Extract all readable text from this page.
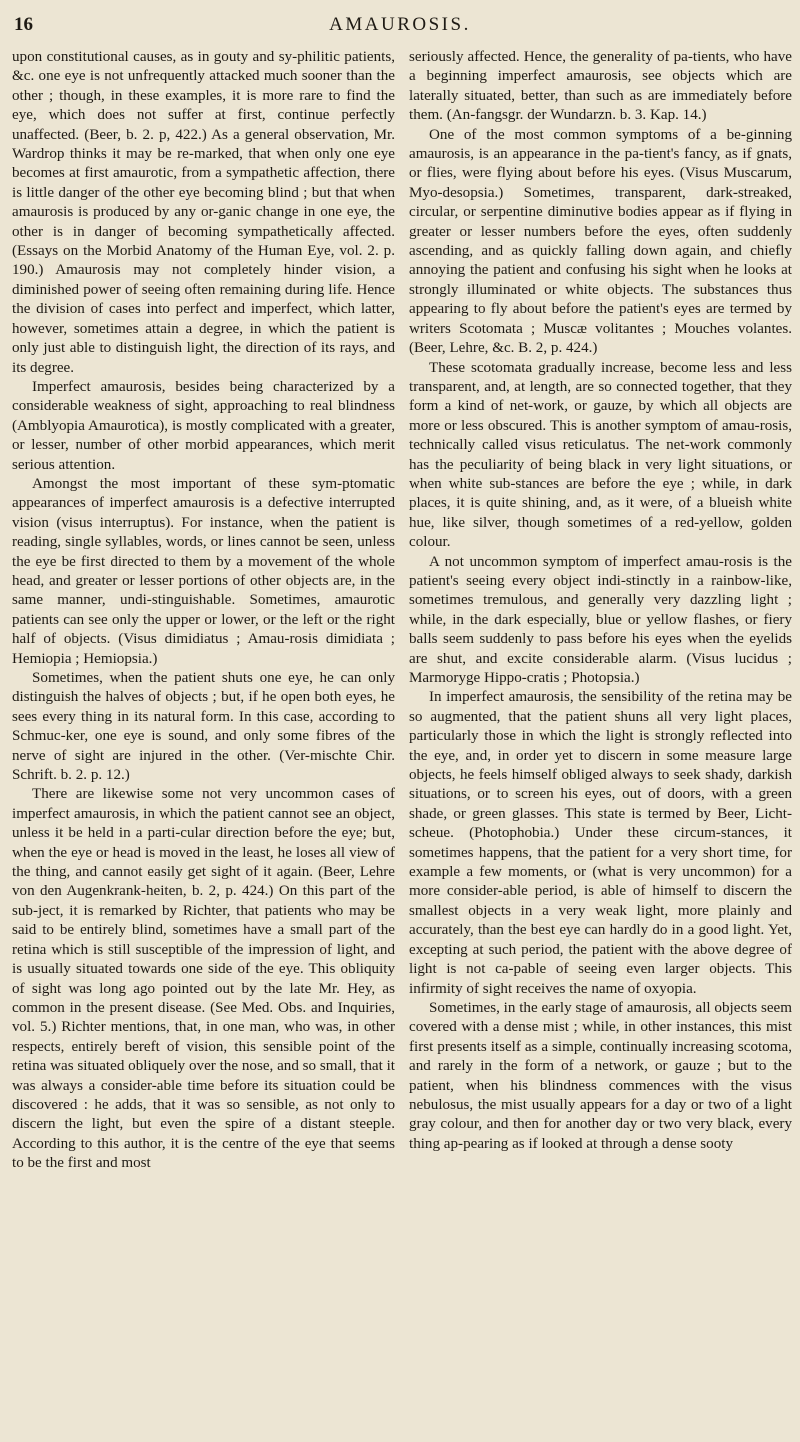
16	AMAUROSIS.

upon constitutional causes, as in gouty and sy-philitic patients, &c. one eye is not unfrequently attacked much sooner than the other ; though, in these examples, it is more rare to find the eye, which does not suffer at first, continue perfectly unaffected. (Beer, b. 2. p, 422.) As a general observation, Mr. Wardrop thinks it may be re-marked, that when only one eye becomes at first amaurotic, from a sympathetic affection, there is little danger of the other eye becoming blind ; but that when amaurosis is produced by any or-ganic change in one eye, the other is in danger of becoming sympathetically affected. (Essays on the Morbid Anatomy of the Human Eye, vol. 2. p. 190.) Amaurosis may not completely hinder vision, a diminished power of seeing often remaining during life. Hence the division of cases into perfect and imperfect, which latter, however, sometimes attain a degree, in which the patient is only just able to distinguish light, the direction of its rays, and its degree.

Imperfect amaurosis, besides being characterized by a considerable weakness of sight, approaching to real blindness (Amblyopia Amaurotica), is mostly complicated with a greater, or lesser, number of other morbid appearances, which merit serious attention.

Amongst the most important of these sym-ptomatic appearances of imperfect amaurosis is a defective interrupted vision (visus interruptus). For instance, when the patient is reading, single syllables, words, or lines cannot be seen, unless the eye be first directed to them by a movement of the whole head, and greater or lesser portions of other objects are, in the same manner, undi-stinguishable. Sometimes, amaurotic patients can see only the upper or lower, or the left or the right half of objects. (Visus dimidiatus ; Amau-rosis dimidiata ; Hemiopia ; Hemiopsia.)

Sometimes, when the patient shuts one eye, he can only distinguish the halves of objects ; but, if he open both eyes, he sees every thing in its natural form. In this case, according to Schmuc-ker, one eye is sound, and only some fibres of the nerve of sight are injured in the other. (Ver-mischte Chir. Schrift. b. 2. p. 12.)

There are likewise some not very uncommon cases of imperfect amaurosis, in which the patient cannot see an object, unless it be held in a parti-cular direction before the eye; but, when the eye or head is moved in the least, he loses all view of the thing, and cannot easily get sight of it again. (Beer, Lehre von den Augenkrank-heiten, b. 2, p. 424.) On this part of the sub-ject, it is remarked by Richter, that patients who may be said to be entirely blind, sometimes have a small part of the retina which is still susceptible of the impression of light, and is usually situated towards one side of the eye. This obliquity of sight was long ago pointed out by the late Mr. Hey, as common in the present disease. (See Med. Obs. and Inquiries, vol. 5.) Richter mentions, that, in one man, who was, in other respects, entirely bereft of vision, this sensible point of the retina was situated obliquely over the nose, and so small, that it was always a consider-able time before its situation could be discovered : he adds, that it was so sensible, as not only to discern the light, but even the spire of a distant steeple. According to this author, it is the centre of the eye that seems to be the first and most

seriously affected. Hence, the generality of pa-tients, who have a beginning imperfect amaurosis, see objects which are laterally situated, better, than such as are immediately before them. (An-fangsgr. der Wundarzn. b. 3. Kap. 14.)

One of the most common symptoms of a be-ginning amaurosis, is an appearance in the pa-tient's fancy, as if gnats, or flies, were flying about before his eyes. (Visus Muscarum, Myo-desopsia.) Sometimes, transparent, dark-streaked, circular, or serpentine diminutive bodies appear as if flying in greater or lesser numbers before the eyes, often suddenly ascending, and as quickly falling down again, and chiefly annoying the patient and confusing his sight when he looks at strongly illuminated or white objects. The substances thus appearing to fly about before the patient's eyes are termed by writers Scotomata ; Muscæ volitantes ; Mouches volantes. (Beer, Lehre, &c. B. 2, p. 424.)

These scotomata gradually increase, become less and less transparent, and, at length, are so connected together, that they form a kind of net-work, or gauze, by which all objects are more or less obscured. This is another symptom of amau-rosis, technically called visus reticulatus. The net-work commonly has the peculiarity of being black in very light situations, or when white sub-stances are before the eye ; while, in dark places, it is quite shining, and, as it were, of a blueish white hue, like silver, though sometimes of a red-yellow, golden colour.

A not uncommon symptom of imperfect amau-rosis is the patient's seeing every object indi-stinctly in a rainbow-like, sometimes tremulous, and generally very dazzling light ; while, in the dark especially, blue or yellow flashes, or fiery balls seem suddenly to pass before his eyes when the eyelids are shut, and excite considerable alarm. (Visus lucidus ; Marmoryge Hippo-cratis ; Photopsia.)

In imperfect amaurosis, the sensibility of the retina may be so augmented, that the patient shuns all very light places, particularly those in which the light is strongly reflected into the eye, and, in order yet to discern in some measure large objects, he feels himself obliged always to seek shady, darkish situations, or to screen his eyes, out of doors, with a green shade, or green glasses. This state is termed by Beer, Licht-scheue. (Photophobia.) Under these circum-stances, it sometimes happens, that the patient for a very short time, for example a few moments, or (what is very uncommon) for a more consider-able period, is able of himself to discern the smallest objects in a very weak light, more plainly and accurately, than the best eye can hardly do in a good light. Yet, excepting at such period, the patient with the above degree of light is not ca-pable of seeing even larger objects. This infirmity of sight receives the name of oxyopia.

Sometimes, in the early stage of amaurosis, all objects seem covered with a dense mist ; while, in other instances, this mist first presents itself as a simple, continually increasing scotoma, and rarely in the form of a network, or gauze ; but to the patient, when his blindness commences with the visus nebulosus, the mist usually appears for a day or two of a light gray colour, and then for another day or two very black, every thing ap-pearing as if looked at through a dense sooty
